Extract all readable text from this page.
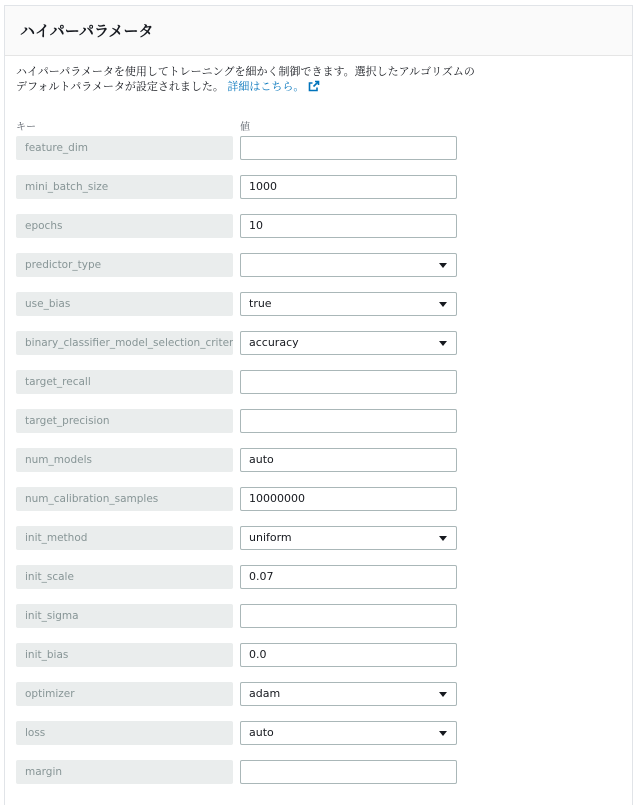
ハイパーパラメータ
ハイパーパラメータを使用してトレーニングを細かく制御できます。選択したアルゴリズムのデフォルトパラメータが設定されました。 詳細はこちら。
キー	値
feature_dim
mini_batch_size	1000
epochs	10
predictor_type
use_bias	true
binary_classifier_model_selection_criter	accuracy
target_recall
target_precision
num_models	auto
num_calibration_samples	10000000
init_method	uniform
init_scale	0.07
init_sigma
init_bias	0.0
optimizer	adam
loss	auto
margin
